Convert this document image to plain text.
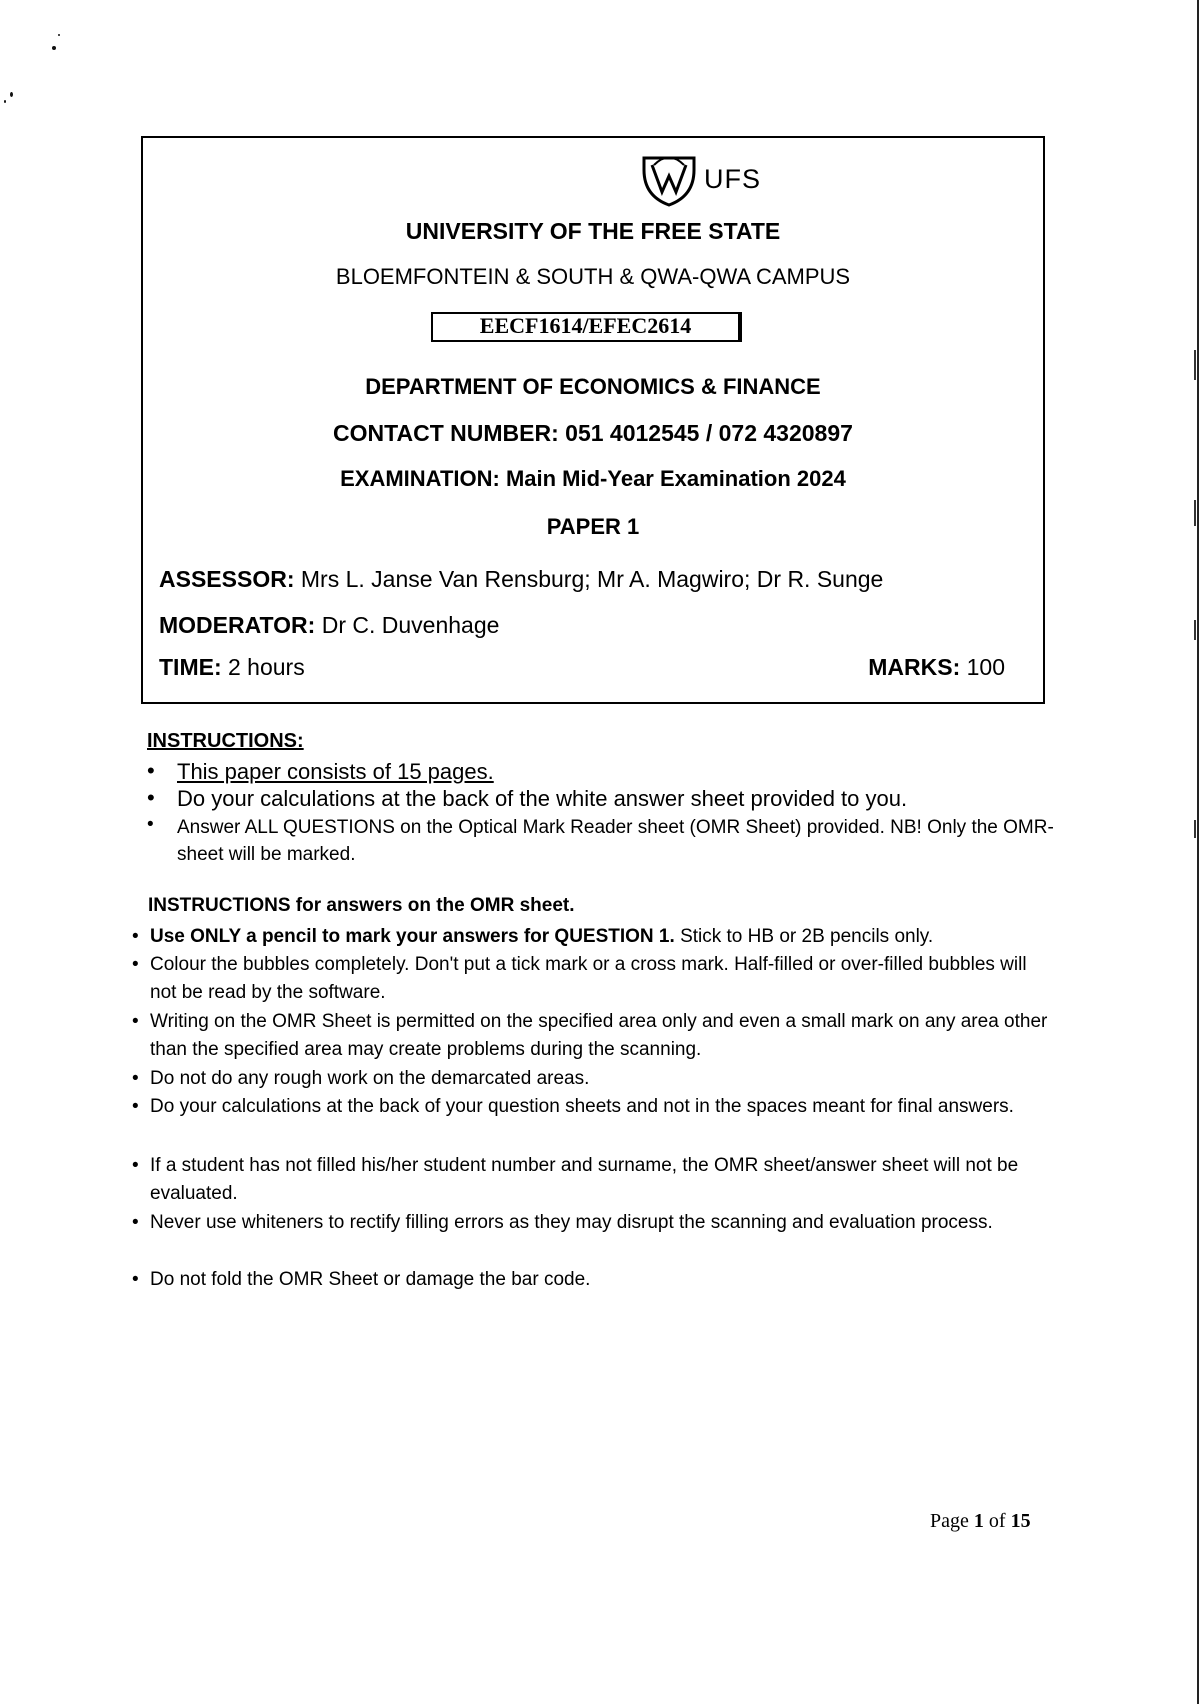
UFS
UNIVERSITY OF THE FREE STATE
BLOEMFONTEIN & SOUTH & QWA-QWA CAMPUS
EECF1614/EFEC2614
DEPARTMENT OF ECONOMICS & FINANCE
CONTACT NUMBER: 051 4012545 / 072 4320897
EXAMINATION: Main Mid-Year Examination 2024
PAPER 1
ASSESSOR: Mrs L. Janse Van Rensburg; Mr A. Magwiro; Dr R. Sunge
MODERATOR: Dr C. Duvenhage
TIME: 2 hours	MARKS: 100
INSTRUCTIONS:
• This paper consists of 15 pages.
• Do your calculations at the back of the white answer sheet provided to you.
• Answer ALL QUESTIONS on the Optical Mark Reader sheet (OMR Sheet) provided. NB! Only the OMR-sheet will be marked.
INSTRUCTIONS for answers on the OMR sheet.
• Use ONLY a pencil to mark your answers for QUESTION 1. Stick to HB or 2B pencils only.
• Colour the bubbles completely. Don't put a tick mark or a cross mark. Half-filled or over-filled bubbles will not be read by the software.
• Writing on the OMR Sheet is permitted on the specified area only and even a small mark on any area other than the specified area may create problems during the scanning.
• Do not do any rough work on the demarcated areas.
• Do your calculations at the back of your question sheets and not in the spaces meant for final answers.
• If a student has not filled his/her student number and surname, the OMR sheet/answer sheet will not be evaluated.
• Never use whiteners to rectify filling errors as they may disrupt the scanning and evaluation process.
• Do not fold the OMR Sheet or damage the bar code.
Page 1 of 15
